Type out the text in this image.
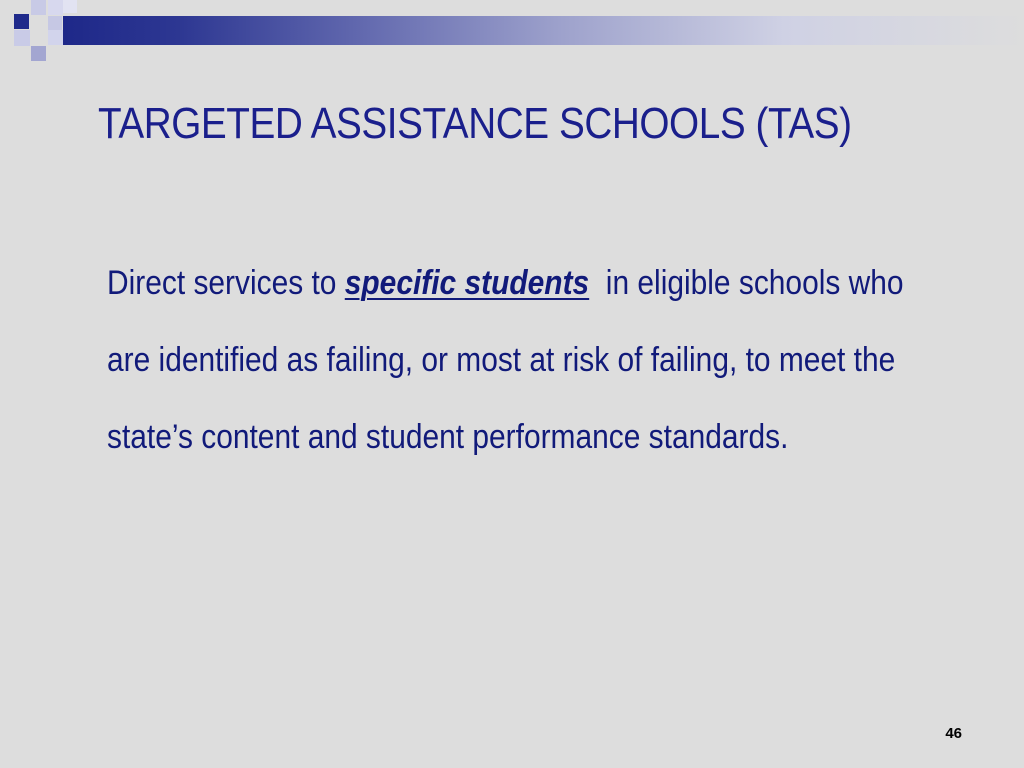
TARGETED ASSISTANCE SCHOOLS (TAS)

Direct services to specific students  in eligible schools who are identified as failing, or most at risk of failing, to meet the state’s content and student performance standards.

46
